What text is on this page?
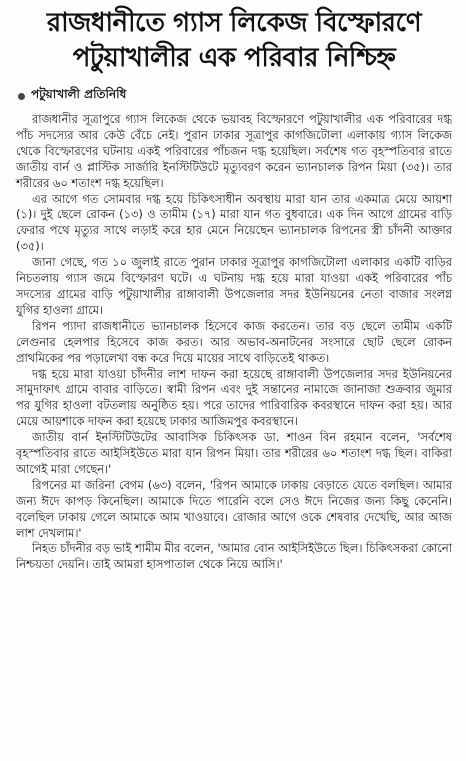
রাজধানীতে গ্যাস লিকেজ বিস্ফোরণে
পটুয়াখালীর এক পরিবার নিশ্চিহ্ন
পটুয়াখালী প্রতিনিধি

রাজধানীর সূত্রাপুরে গ্যাস লিকেজ থেকে ভয়াবহ বিস্ফোরণে পটুয়াখালীর এক পরিবারের দগ্ধ পাঁচ সদস্যের আর কেউ বেঁচে নেই। পুরান ঢাকার সূত্রাপুর কাগজিটোলা এলাকায় গ্যাস লিকেজ থেকে বিস্ফোরণের ঘটনায় একই পরিবারের পাঁচজন দগ্ধ হয়েছিল। সর্বশেষ গত বৃহস্পতিবার রাতে জাতীয় বার্ন ও প্লাস্টিক সার্জারি ইনস্টিটিউটে মৃত্যুবরণ করেন ভ্যানচালক রিপন মিয়া (৩৫)। তার শরীরের ৬০ শতাংশ দগ্ধ হয়েছিল।

এর আগে গত সোমবার দগ্ধ হয়ে চিকিৎসাধীন অবস্থায় মারা যান তার একমাত্র মেয়ে আয়শা (১)। দুই ছেলে রোকন (১৩) ও তামীম (১৭) মারা যান গত বুধবারে। এক দিন আগে গ্রামের বাড়ি ফেরার পথে মৃত্যুর সাথে লড়াই করে হার মেনে নিয়েছেন ভ্যানচালক রিপনের স্ত্রী চাঁদনী আক্তার (৩৫)।

জানা গেছে, গত ১০ জুলাই রাতে পুরান ঢাকার সূত্রাপুর কাগজিটোলা এলাকার একটি বাড়ির নিচতলায় গ্যাস জমে বিস্ফোরণ ঘটে। এ ঘটনায় দগ্ধ হয়ে মারা যাওয়া একই পরিবারের পাঁচ সদস্যের গ্রামের বাড়ি পটুয়াখালীর রাঙ্গাবালী উপজেলার সদর ইউনিয়নের নেতা বাজার সংলগ্ন যুগির হাওলা গ্রামে।

রিপন প্যাদা রাজধানীতে ভ্যানচালক হিসেবে কাজ করতেন। তার বড় ছেলে তামীম একটি লেগুনার হেলপার হিসেবে কাজ করত। আর অভাব-অনাটনের সংসারে ছোট ছেলে রোকন প্রাথমিকের পর পড়ালেখা বন্ধ করে দিয়ে মায়ের সাথে বাড়িতেই থাকত।

দগ্ধ হয়ে মারা যাওয়া চাঁদনীর লাশ দাফন করা হয়েছে রাঙ্গাবালী উপজেলার সদর ইউনিয়নের সামুদাফাৎ গ্রামে বাবার বাড়িতে। স্বামী রিপন এবং দুই সন্তানের নামাজে জানাজা শুক্রবার জুমার পর যুগির হাওলা বটতলায় অনুষ্ঠিত হয়। পরে তাদের পারিবারিক কবরস্থানে দাফন করা হয়। আর মেয়ে আয়শাকে দাফন করা হয়েছে ঢাকার আজিমপুর কবরস্থানে।

জাতীয় বার্ন ইনস্টিটিউটের আবাসিক চিকিৎসক ডা. শাওন বিন রহমান বলেন, 'সর্বশেষ বৃহস্পতিবার রাতে আইসিইউতে মারা যান রিপন মিয়া। তার শরীরের ৬০ শতাংশ দগ্ধ ছিল। বাকিরা আগেই মারা গেছেন।'

রিপনের মা জরিনা বেগম (৬৩) বলেন, 'রিপন আমাকে ঢাকায় বেড়াতে যেতে বলছিল। আমার জন্য ঈদে কাপড় কিনেছিল। আমাকে দিতে পারেনি বলে সেও ঈদে নিজের জন্য কিছু কেনেনি। বলেছিল ঢাকায় গেলে আমাকে আম খাওয়াবে। রোজার আগে ওকে শেষবার দেখেছি, আর আজ লাশ দেখলাম।'

নিহত চাঁদনীর বড় ভাই শামীম মীর বলেন, 'আমার বোন আইসিইউতে ছিল। চিকিৎসকরা কোনো নিশ্চয়তা দেয়নি। তাই আমরা হাসপাতাল থেকে নিয়ে আসি।'
